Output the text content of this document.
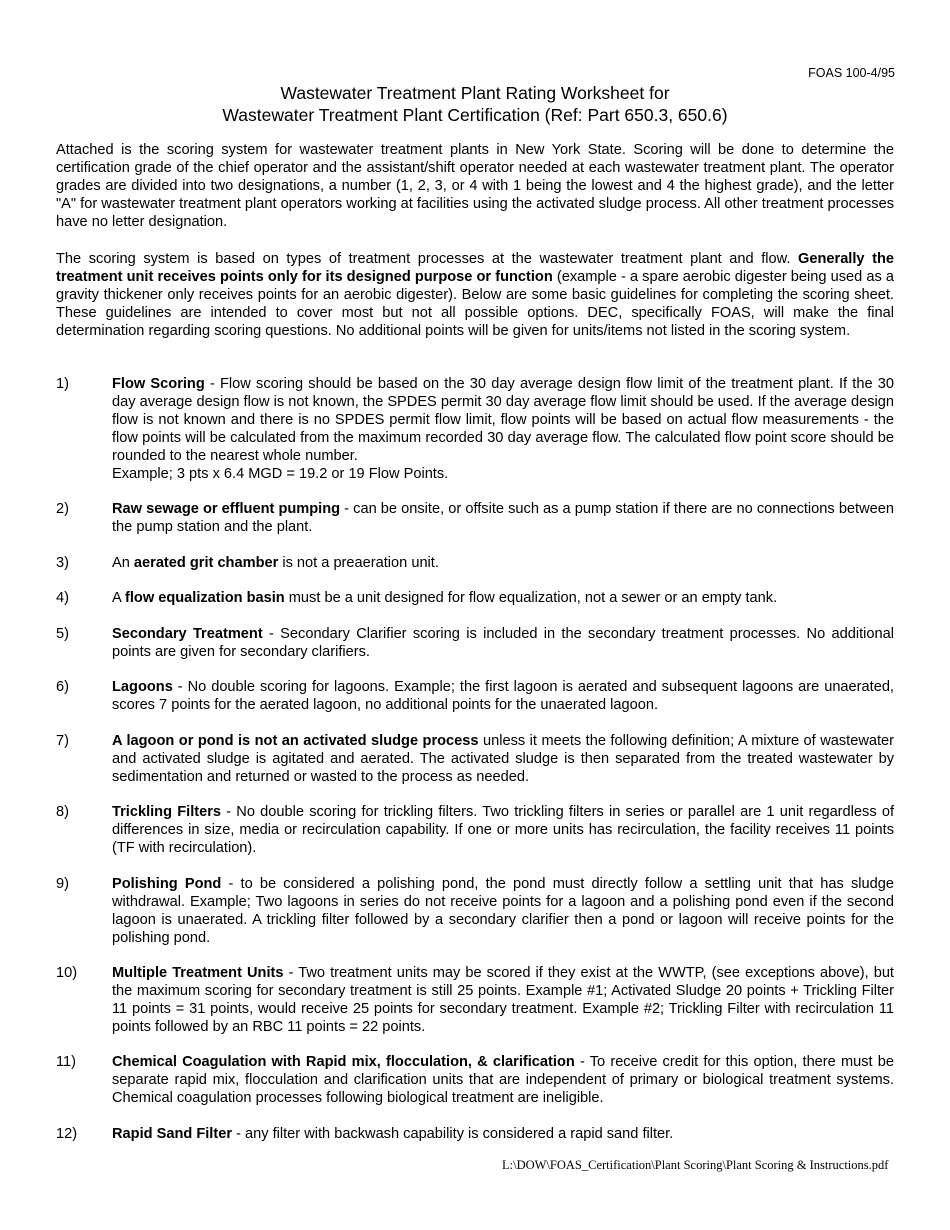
FOAS 100-4/95
Wastewater Treatment Plant Rating Worksheet for
Wastewater Treatment Plant Certification (Ref: Part 650.3, 650.6)

Attached is the scoring system for wastewater treatment plants in New York State. Scoring will be done to determine the certification grade of the chief operator and the assistant/shift operator needed at each wastewater treatment plant. The operator grades are divided into two designations, a number (1, 2, 3, or 4 with 1 being the lowest and 4 the highest grade), and the letter "A" for wastewater treatment plant operators working at facilities using the activated sludge process. All other treatment processes have no letter designation.

The scoring system is based on types of treatment processes at the wastewater treatment plant and flow. Generally the treatment unit receives points only for its designed purpose or function (example - a spare aerobic digester being used as a gravity thickener only receives points for an aerobic digester). Below are some basic guidelines for completing the scoring sheet. These guidelines are intended to cover most but not all possible options. DEC, specifically FOAS, will make the final determination regarding scoring questions. No additional points will be given for units/items not listed in the scoring system.

1)	Flow Scoring - Flow scoring should be based on the 30 day average design flow limit of the treatment plant. If the 30 day average design flow is not known, the SPDES permit 30 day average flow limit should be used. If the average design flow is not known and there is no SPDES permit flow limit, flow points will be based on actual flow measurements - the flow points will be calculated from the maximum recorded 30 day average flow. The calculated flow point score should be rounded to the nearest whole number.
Example; 3 pts x 6.4 MGD = 19.2 or 19 Flow Points.

2)	Raw sewage or effluent pumping - can be onsite, or offsite such as a pump station if there are no connections between the pump station and the plant.

3)	An aerated grit chamber is not a preaeration unit.

4)	A flow equalization basin must be a unit designed for flow equalization, not a sewer or an empty tank.

5)	Secondary Treatment - Secondary Clarifier scoring is included in the secondary treatment processes. No additional points are given for secondary clarifiers.

6)	Lagoons - No double scoring for lagoons. Example; the first lagoon is aerated and subsequent lagoons are unaerated, scores 7 points for the aerated lagoon, no additional points for the unaerated lagoon.

7)	A lagoon or pond is not an activated sludge process unless it meets the following definition; A mixture of wastewater and activated sludge is agitated and aerated. The activated sludge is then separated from the treated wastewater by sedimentation and returned or wasted to the process as needed.

8)	Trickling Filters - No double scoring for trickling filters. Two trickling filters in series or parallel are 1 unit regardless of differences in size, media or recirculation capability. If one or more units has recirculation, the facility receives 11 points (TF with recirculation).

9)	Polishing Pond - to be considered a polishing pond, the pond must directly follow a settling unit that has sludge withdrawal. Example; Two lagoons in series do not receive points for a lagoon and a polishing pond even if the second lagoon is unaerated. A trickling filter followed by a secondary clarifier then a pond or lagoon will receive points for the polishing pond.

10)	Multiple Treatment Units - Two treatment units may be scored if they exist at the WWTP, (see exceptions above), but the maximum scoring for secondary treatment is still 25 points. Example #1; Activated Sludge 20 points + Trickling Filter 11 points = 31 points, would receive 25 points for secondary treatment. Example #2; Trickling Filter with recirculation 11 points followed by an RBC 11 points = 22 points.

11)	Chemical Coagulation with Rapid mix, flocculation, & clarification - To receive credit for this option, there must be separate rapid mix, flocculation and clarification units that are independent of primary or biological treatment systems. Chemical coagulation processes following biological treatment are ineligible.

12)	Rapid Sand Filter - any filter with backwash capability is considered a rapid sand filter.

L:\DOW\FOAS_Certification\Plant Scoring\Plant Scoring & Instructions.pdf
